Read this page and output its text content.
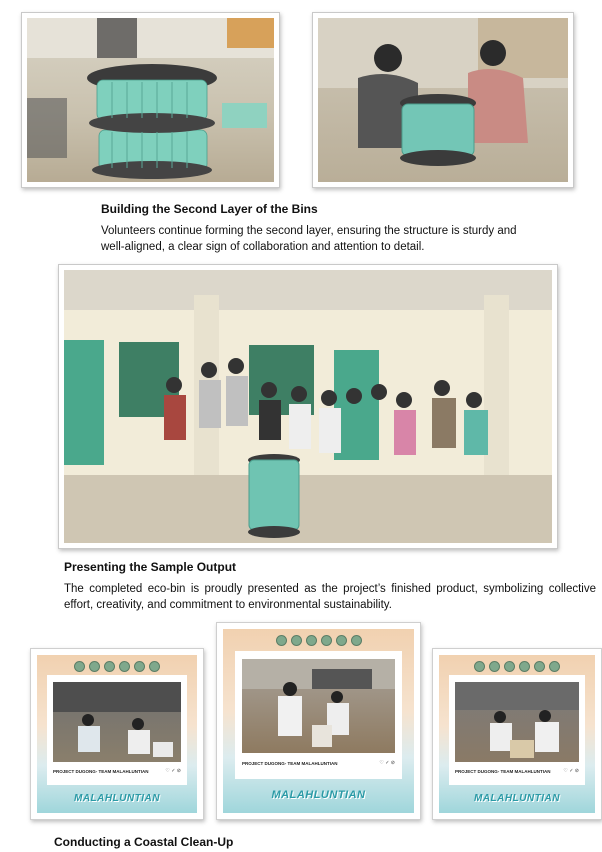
Building the Second Layer of the Bins

Volunteers continue forming the second layer, ensuring the structure is sturdy and well-aligned, a clear sign of collaboration and attention to detail.

Presenting the Sample Output

The completed eco-bin is proudly presented as the project’s finished product, symbolizing collective effort, creativity, and commitment to environmental sustainability.

PROJECT DUGONG- TEAM MALAHLUNTIAN	♡ ✓ ⊘
MALAHLUNTIAN
PROJECT DUGONG- TEAM MALAHLUNTIAN	♡ ✓ ⊘
MALAHLUNTIAN
PROJECT DUGONG- TEAM MALAHLUNTIAN	♡ ✓ ⊘
MALAHLUNTIAN

Conducting a Coastal Clean-Up
